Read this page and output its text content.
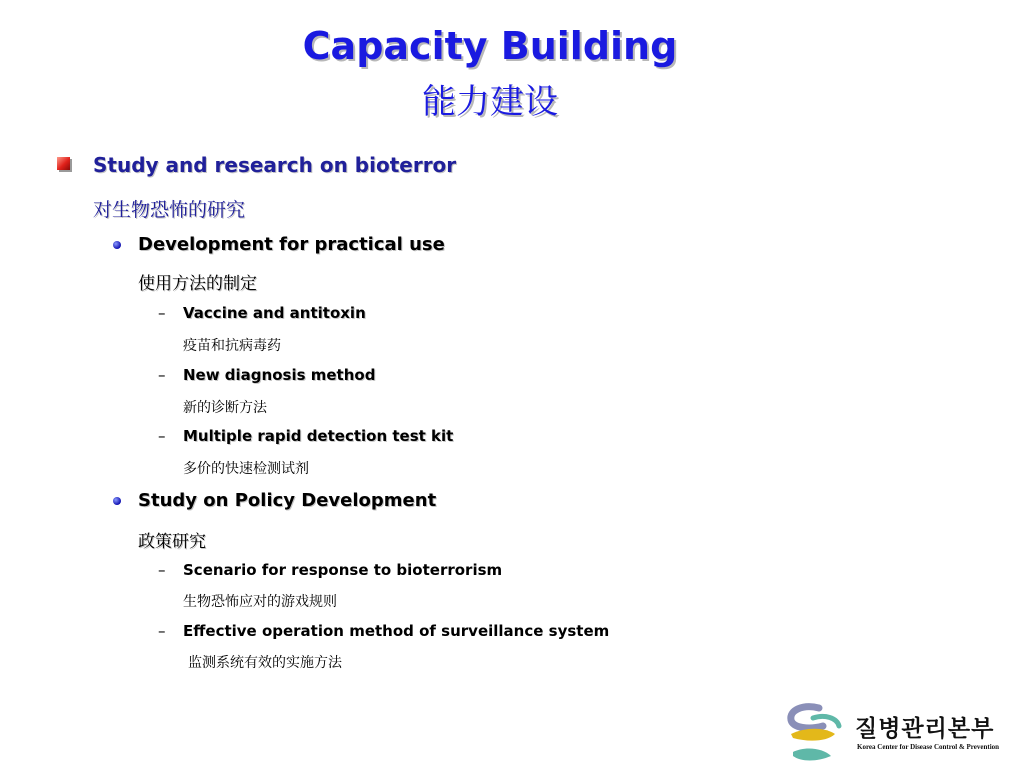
Capacity Building
能力建设
Study and research on bioterror
对生物恐怖的研究
Development for practical use
使用方法的制定
– Vaccine and antitoxin
疫苗和抗病毒药
– New diagnosis method
新的诊断方法
– Multiple rapid detection test kit
多价的快速检测试剂
Study on Policy Development
政策研究
– Scenario for response to bioterrorism
生物恐怖应对的游戏规则
– Effective operation method of surveillance system
监测系统有效的实施方法
질병관리본부
Korea Center for Disease Control & Prevention
